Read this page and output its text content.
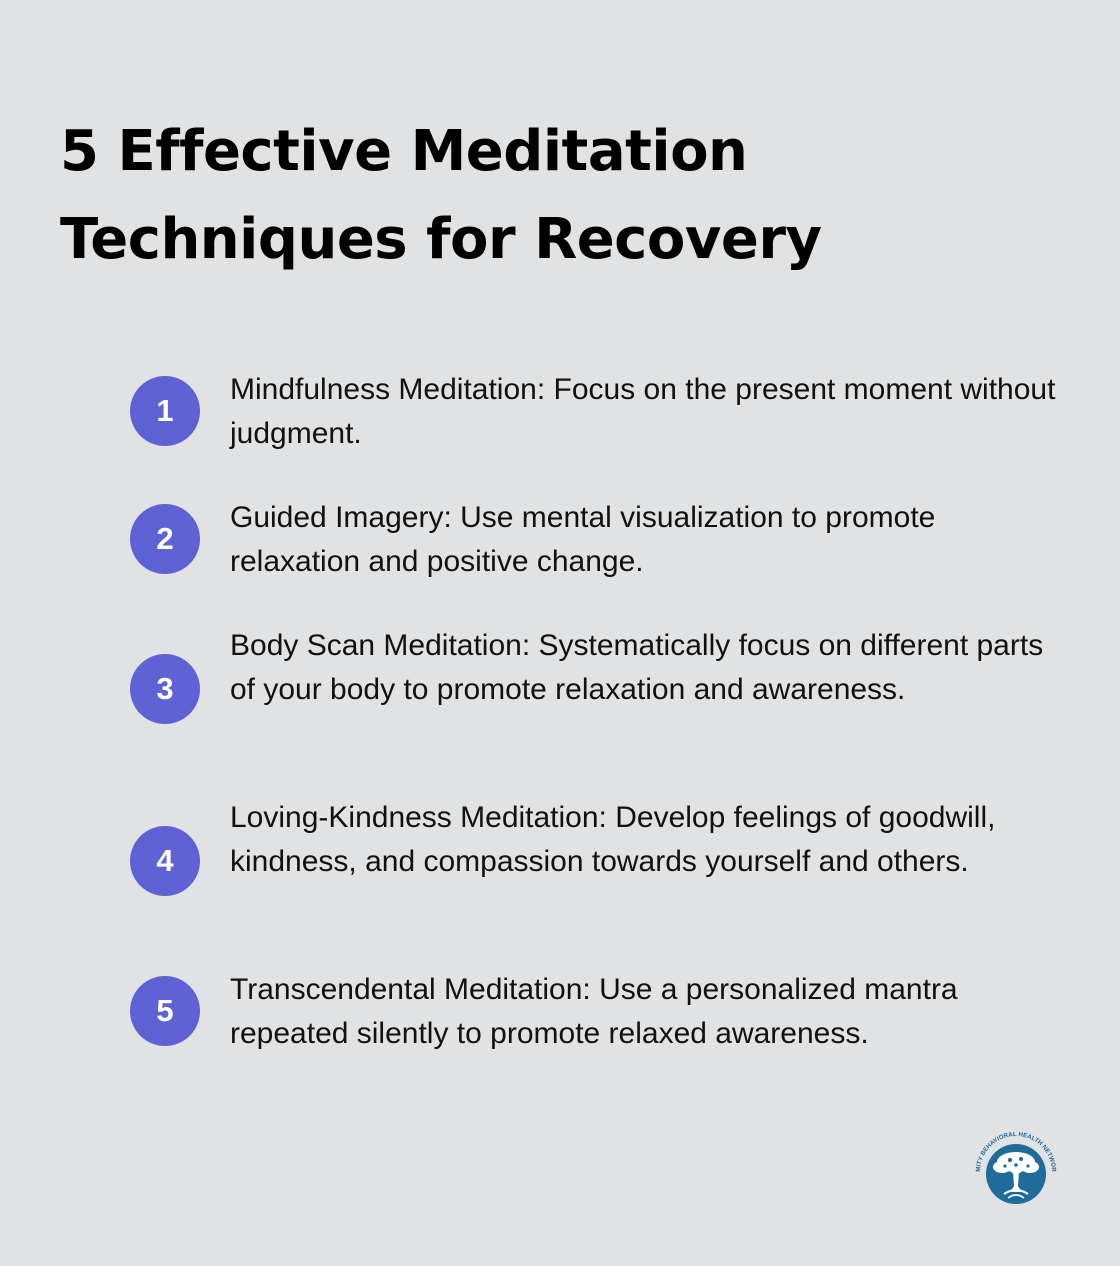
5 Effective Meditation Techniques for Recovery
1

Mindfulness Meditation: Focus on the present moment without judgment.

2

Guided Imagery: Use mental visualization to promote relaxation and positive change.

3

Body Scan Meditation: Systematically focus on different parts of your body to promote relaxation and awareness.

4

Loving-Kindness Meditation: Develop feelings of goodwill, kindness, and compassion towards yourself and others.

5

Transcendental Meditation: Use a personalized mantra repeated silently to promote relaxed awareness.

MITY BEHAVIORAL HEALTH NETWOR
